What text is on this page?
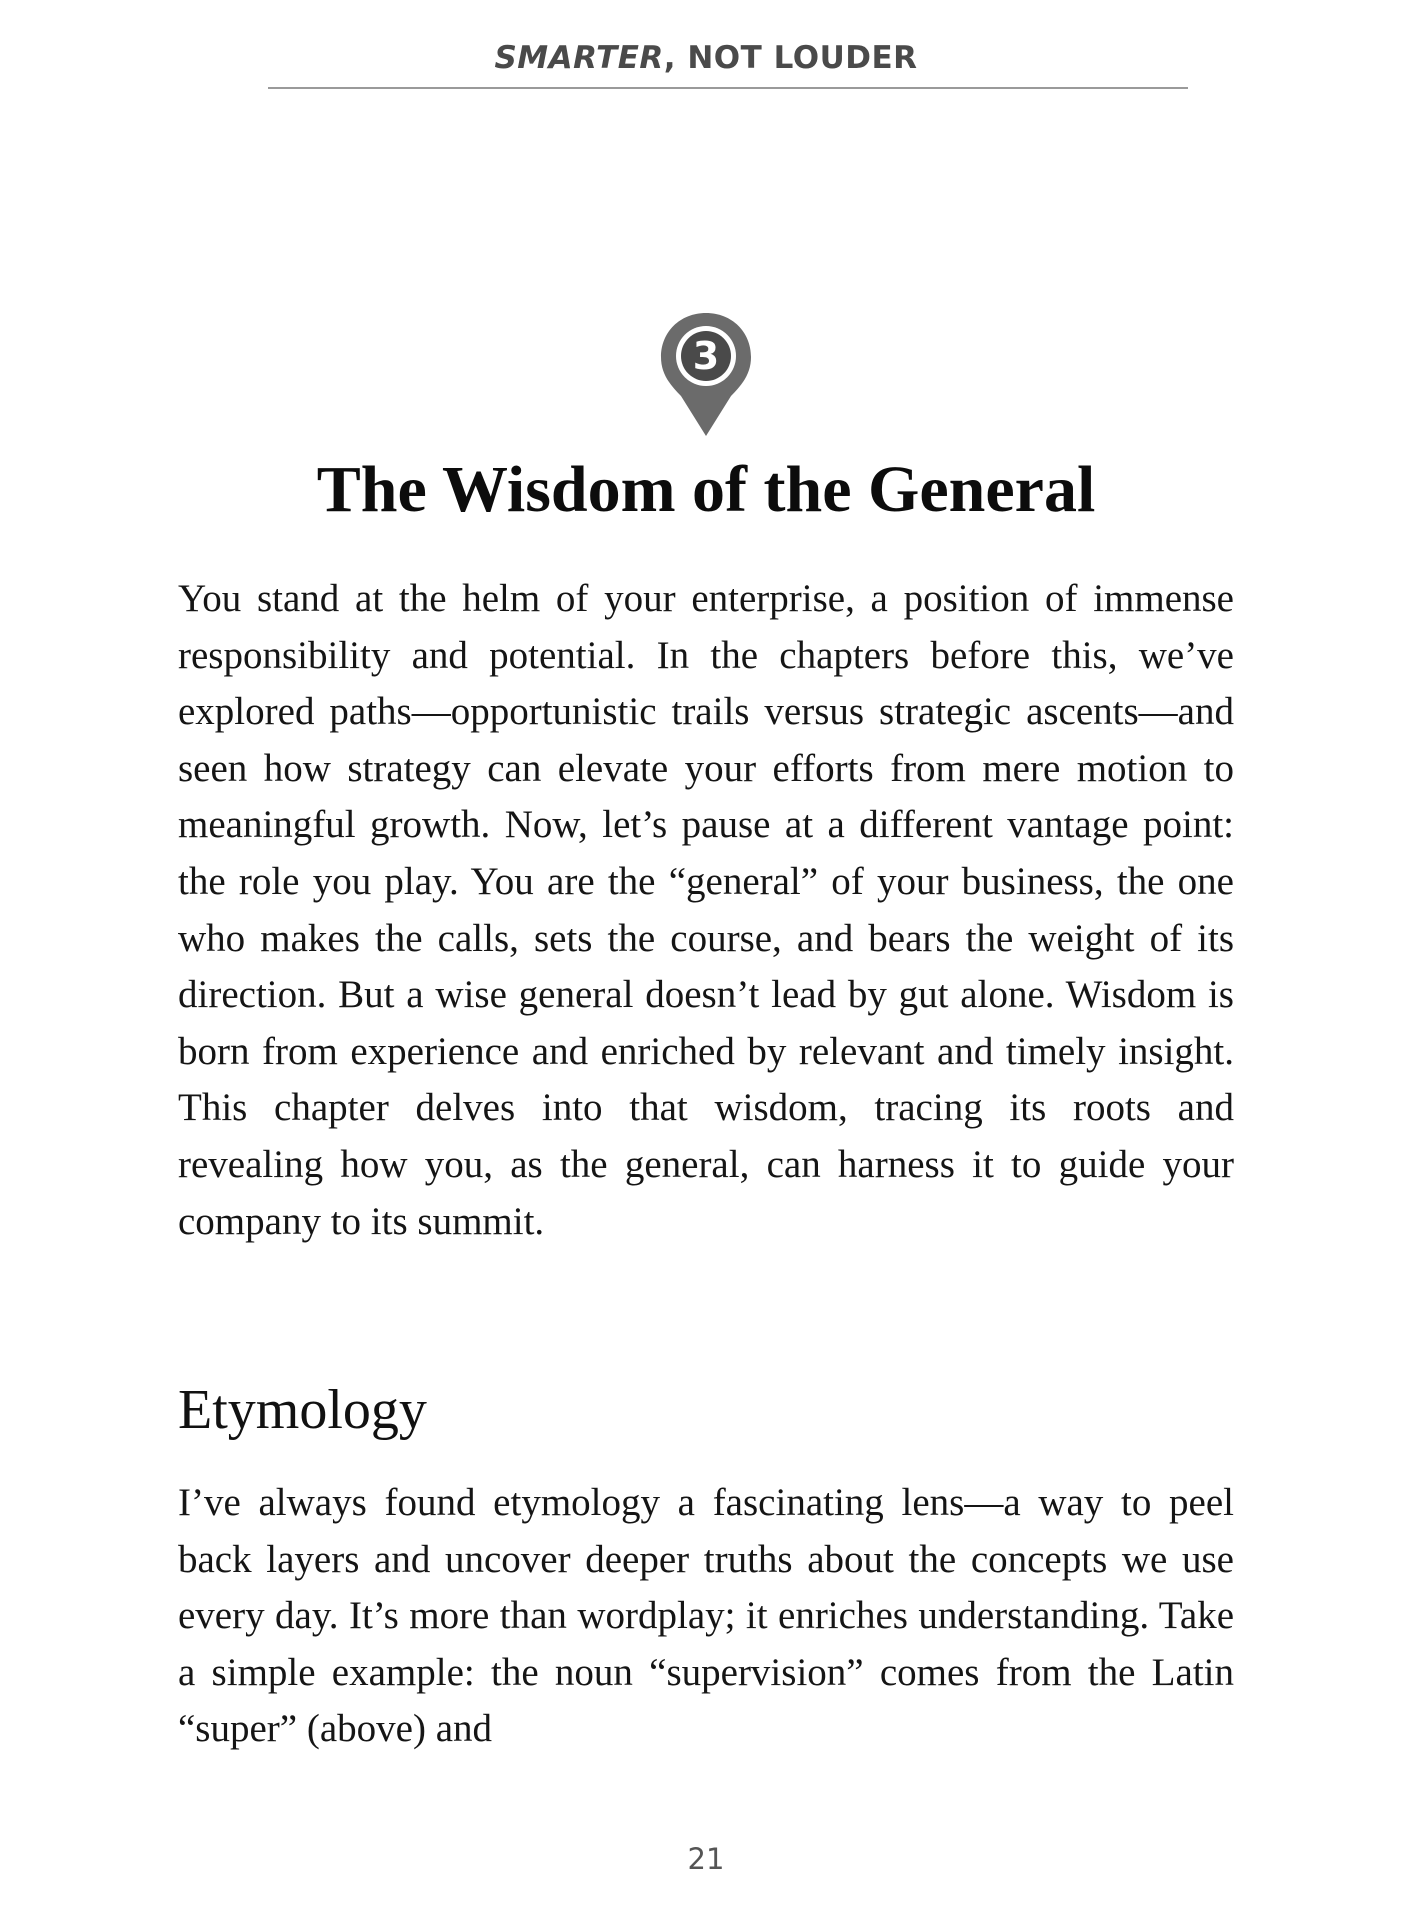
SMARTER, NOT LOUDER
3
The Wisdom of the General

You stand at the helm of your enterprise, a position of immense responsibility and potential. In the chapters before this, we’ve explored paths—opportunistic trails versus strategic ascents—and seen how strategy can elevate your efforts from mere motion to meaningful growth. Now, let’s pause at a different vantage point: the role you play. You are the “general” of your business, the one who makes the calls, sets the course, and bears the weight of its direction. But a wise general doesn’t lead by gut alone. Wisdom is born from experience and enriched by relevant and timely insight. This chapter delves into that wisdom, tracing its roots and revealing how you, as the general, can harness it to guide your company to its summit.

Etymology

I’ve always found etymology a fascinating lens—a way to peel back layers and uncover deeper truths about the concepts we use every day. It’s more than wordplay; it enriches understanding. Take a simple example: the noun “supervision” comes from the Latin “super” (above) and

21
